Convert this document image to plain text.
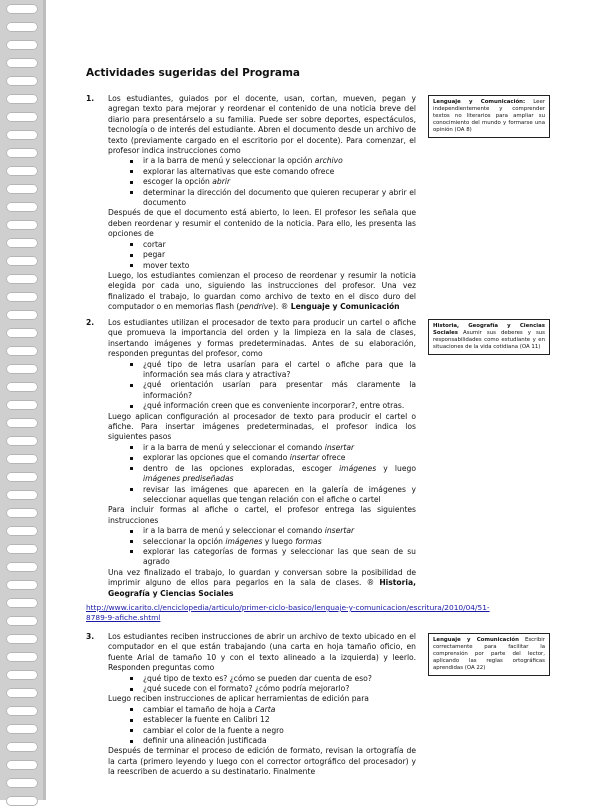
Actividades sugeridas del Programa
1. Los estudiantes, guiados por el docente, usan, cortan, mueven, pegan y agregan texto para mejorar y reordenar el contenido de una noticia breve del diario para presentárselo a su familia. Puede ser sobre deportes, espectáculos, tecnología o de interés del estudiante. Abren el documento desde un archivo de texto (previamente cargado en el escritorio por el docente). Para comenzar, el profesor indica instrucciones como

ir a la barra de menú y seleccionar la opción archivo
explorar las alternativas que este comando ofrece
escoger la opción abrir
determinar la dirección del documento que quieren recuperar y abrir el documento

Después de que el documento está abierto, lo leen. El profesor les señala que deben reordenar y resumir el contenido de la noticia. Para ello, les presenta las opciones de

cortar
pegar
mover texto

Luego, los estudiantes comienzan el proceso de reordenar y resumir la noticia elegida por cada uno, siguiendo las instrucciones del profesor. Una vez finalizado el trabajo, lo guardan como archivo de texto en el disco duro del computador o en memorias flash (pendrive). ® Lenguaje y Comunicación

2. Los estudiantes utilizan el procesador de texto para producir un cartel o afiche que promueva la importancia del orden y la limpieza en la sala de clases, insertando imágenes y formas predeterminadas. Antes de su elaboración, responden preguntas del profesor, como

¿qué tipo de letra usarían para el cartel o afiche para que la información sea más clara y atractiva?
¿qué orientación usarían para presentar más claramente la información?
¿qué información creen que es conveniente incorporar?, entre otras.

Luego aplican configuración al procesador de texto para producir el cartel o afiche. Para insertar imágenes predeterminadas, el profesor indica los siguientes pasos

ir a la barra de menú y seleccionar el comando insertar
explorar las opciones que el comando insertar ofrece
dentro de las opciones exploradas, escoger imágenes y luego imágenes prediseñadas
revisar las imágenes que aparecen en la galería de imágenes y seleccionar aquellas que tengan relación con el afiche o cartel

Para incluir formas al afiche o cartel, el profesor entrega las siguientes instrucciones

ir a la barra de menú y seleccionar el comando insertar
seleccionar la opción imágenes y luego formas
explorar las categorías de formas y seleccionar las que sean de su agrado

Una vez finalizado el trabajo, lo guardan y conversan sobre la posibilidad de imprimir alguno de ellos para pegarlos en la sala de clases. ® Historia, Geografía y Ciencias Sociales

http://www.icarito.cl/enciclopedia/articulo/primer-ciclo-basico/lenguaje-y-comunicacion/escritura/2010/04/51-8789-9-afiche.shtml
3. Los estudiantes reciben instrucciones de abrir un archivo de texto ubicado en el computador en el que están trabajando (una carta en hoja tamaño oficio, en fuente Arial de tamaño 10 y con el texto alineado a la izquierda) y leerlo. Responden preguntas como

¿qué tipo de texto es? ¿cómo se pueden dar cuenta de eso?
¿qué sucede con el formato? ¿cómo podría mejorarlo?

Luego reciben instrucciones de aplicar herramientas de edición para

cambiar el tamaño de hoja a Carta
establecer la fuente en Calibri 12
cambiar el color de la fuente a negro
definir una alineación justificada

Después de terminar el proceso de edición de formato, revisan la ortografía de la carta (primero leyendo y luego con el corrector ortográfico del procesador) y la reescriben de acuerdo a su destinatario. Finalmente

Lenguaje y Comunicación: Leer independientemente y comprender textos no literarios para ampliar su conocimiento del mundo y formarse una opinión (OA 8)
Historia, Geografía y Ciencias Sociales Asumir sus deberes y sus responsabilidades como estudiante y en situaciones de la vida cotidiana (OA 11)
Lenguaje y Comunicación Escribir correctamente para facilitar la comprensión por parte del lector, aplicando las reglas ortográficas aprendidas (OA 22)
